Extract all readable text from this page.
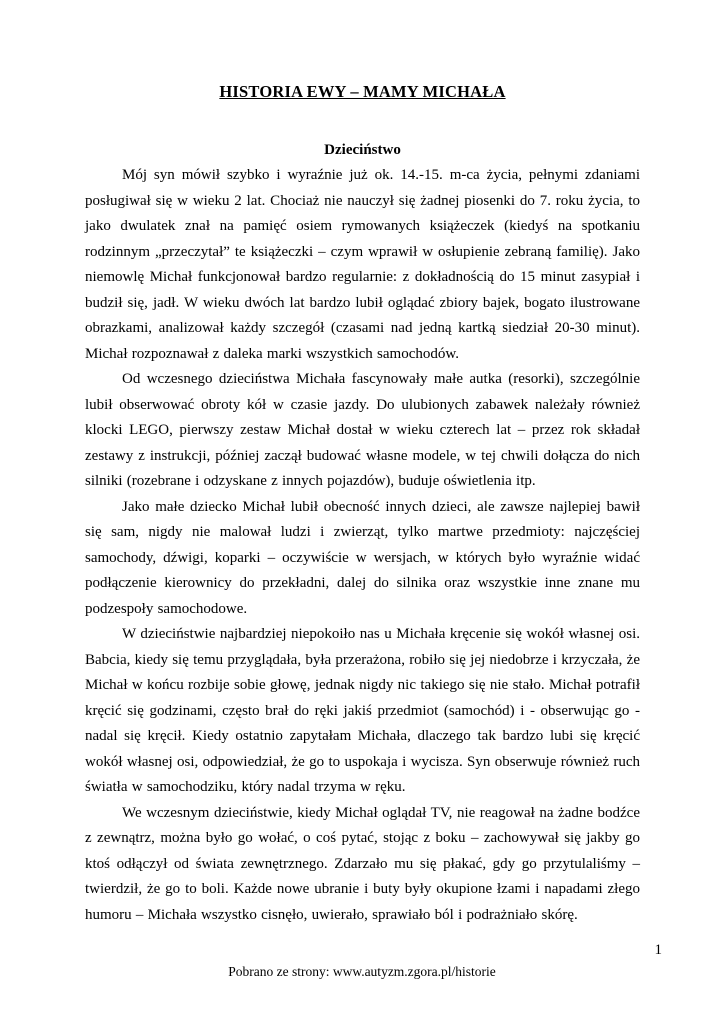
HISTORIA EWY – MAMY MICHAŁA
Dzieciństwo

Mój syn mówił szybko i wyraźnie już ok. 14.-15. m-ca życia, pełnymi zdaniami posługiwał się w wieku 2 lat. Chociaż nie nauczył się żadnej piosenki do 7. roku życia, to jako dwulatek znał na pamięć osiem rymowanych książeczek (kiedyś na spotkaniu rodzinnym „przeczytał” te książeczki – czym wprawił w osłupienie zebraną familię). Jako niemowlę Michał funkcjonował bardzo regularnie: z dokładnością do 15 minut zasypiał i budził się, jadł. W wieku dwóch lat bardzo lubił oglądać zbiory bajek, bogato ilustrowane obrazkami, analizował każdy szczegół (czasami nad jedną kartką siedział 20-30 minut). Michał rozpoznawał z daleka marki wszystkich samochodów.

Od wczesnego dzieciństwa Michała fascynowały małe autka (resorki), szczególnie lubił obserwować obroty kół w czasie jazdy. Do ulubionych zabawek należały również klocki LEGO, pierwszy zestaw Michał dostał w wieku czterech lat – przez rok składał zestawy z instrukcji, później zaczął budować własne modele, w tej chwili dołącza do nich silniki (rozebrane i odzyskane z innych pojazdów), buduje oświetlenia itp.

Jako małe dziecko Michał lubił obecność innych dzieci, ale zawsze najlepiej bawił się sam, nigdy nie malował ludzi i zwierząt, tylko martwe przedmioty: najczęściej samochody, dźwigi, koparki – oczywiście w wersjach, w których było wyraźnie widać podłączenie kierownicy do przekładni, dalej do silnika oraz wszystkie inne znane mu podzespoły samochodowe.

W dzieciństwie najbardziej niepokoiło nas u Michała kręcenie się wokół własnej osi. Babcia, kiedy się temu przyglądała, była przerażona, robiło się jej niedobrze i krzyczała, że Michał w końcu rozbije sobie głowę, jednak nigdy nic takiego się nie stało. Michał potrafił kręcić się godzinami, często brał do ręki jakiś przedmiot (samochód) i - obserwując go - nadal się kręcił. Kiedy ostatnio zapytałam Michała, dlaczego tak bardzo lubi się kręcić wokół własnej osi, odpowiedział, że go to uspokaja i wycisza. Syn obserwuje również ruch światła w samochodziku, który nadal trzyma w ręku.

We wczesnym dzieciństwie, kiedy Michał oglądał TV, nie reagował na żadne bodźce z zewnątrz, można było go wołać, o coś pytać, stojąc z boku – zachowywał się jakby go ktoś odłączył od świata zewnętrznego. Zdarzało mu się płakać, gdy go przytulaliśmy – twierdził, że go to boli. Każde nowe ubranie i buty były okupione łzami i napadami złego humoru – Michała wszystko cisnęło, uwierało, sprawiało ból i podrażniało skórę.

1
Pobrano ze strony: www.autyzm.zgora.pl/historie
